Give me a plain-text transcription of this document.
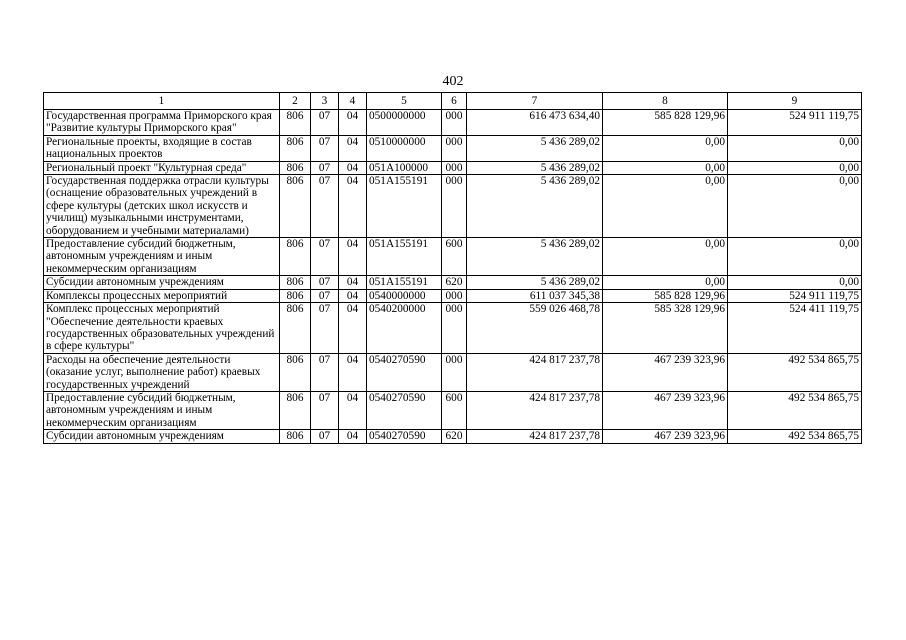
402
1	2	3	4	5	6	7	8	9
Государственная программа Приморского края "Развитие культуры Приморского края"	806	07	04	0500000000	000	616 473 634,40	585 828 129,96	524 911 119,75
Региональные проекты, входящие в состав национальных проектов	806	07	04	0510000000	000	5 436 289,02	0,00	0,00
Региональный проект "Культурная среда"	806	07	04	051А100000	000	5 436 289,02	0,00	0,00
Государственная поддержка отрасли культуры (оснащение образовательных учреждений в сфере культуры (детских школ искусств и училищ) музыкальными инструментами, оборудованием и учебными материалами)	806	07	04	051А155191	000	5 436 289,02	0,00	0,00
Предоставление субсидий бюджетным, автономным учреждениям и иным некоммерческим организациям	806	07	04	051А155191	600	5 436 289,02	0,00	0,00
Субсидии автономным учреждениям	806	07	04	051А155191	620	5 436 289,02	0,00	0,00
Комплексы процессных мероприятий	806	07	04	0540000000	000	611 037 345,38	585 828 129,96	524 911 119,75
Комплекс процессных мероприятий "Обеспечение деятельности краевых государственных образовательных учреждений в сфере культуры"	806	07	04	0540200000	000	559 026 468,78	585 328 129,96	524 411 119,75
Расходы на обеспечение деятельности (оказание услуг, выполнение работ) краевых государственных учреждений	806	07	04	0540270590	000	424 817 237,78	467 239 323,96	492 534 865,75
Предоставление субсидий бюджетным, автономным учреждениям и иным некоммерческим организациям	806	07	04	0540270590	600	424 817 237,78	467 239 323,96	492 534 865,75
Субсидии автономным учреждениям	806	07	04	0540270590	620	424 817 237,78	467 239 323,96	492 534 865,75
